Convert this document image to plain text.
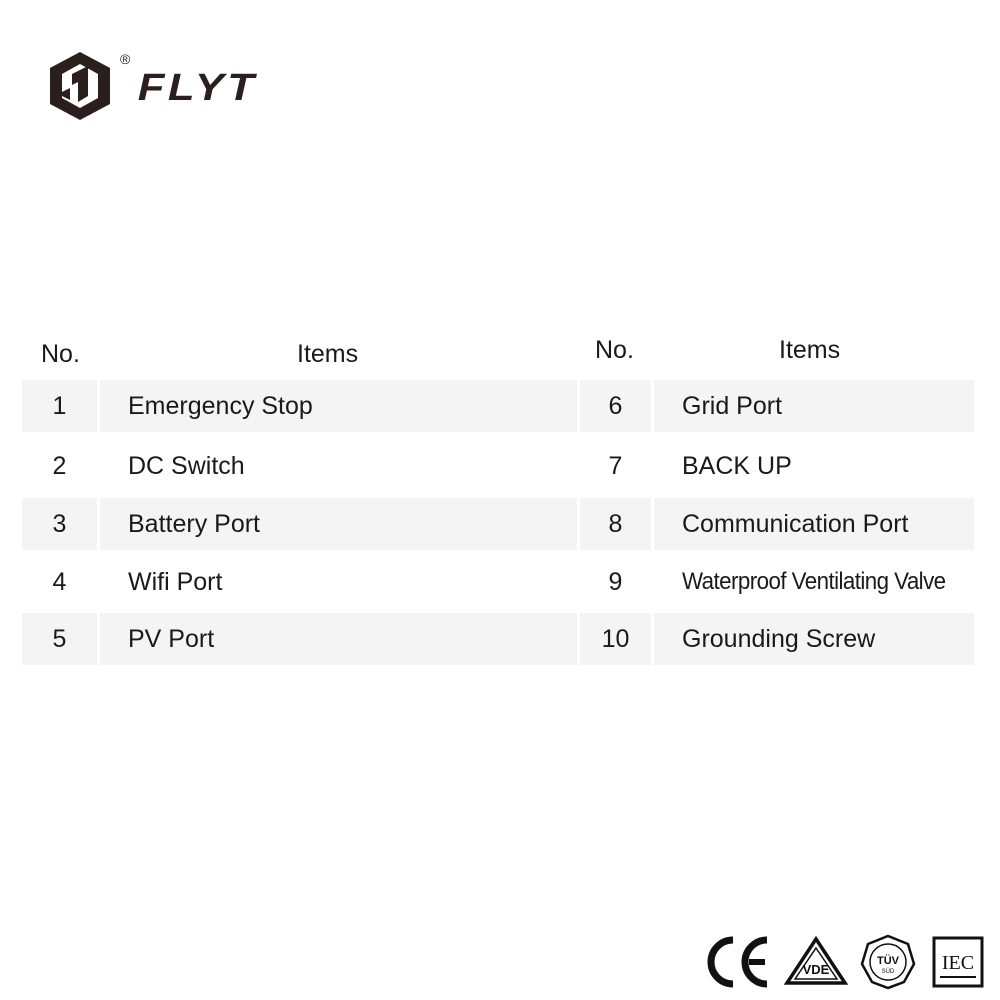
®
FLYT
No.	Items	No.	Items
1	Emergency Stop	6	Grid Port
2	DC Switch	7	BACK UP
3	Battery Port	8	Communication Port
4	Wifi Port	9	Waterproof Ventilating Valve
5	PV Port	10	Grounding Screw
CE
VDE
TÜV
SÜD IEC
